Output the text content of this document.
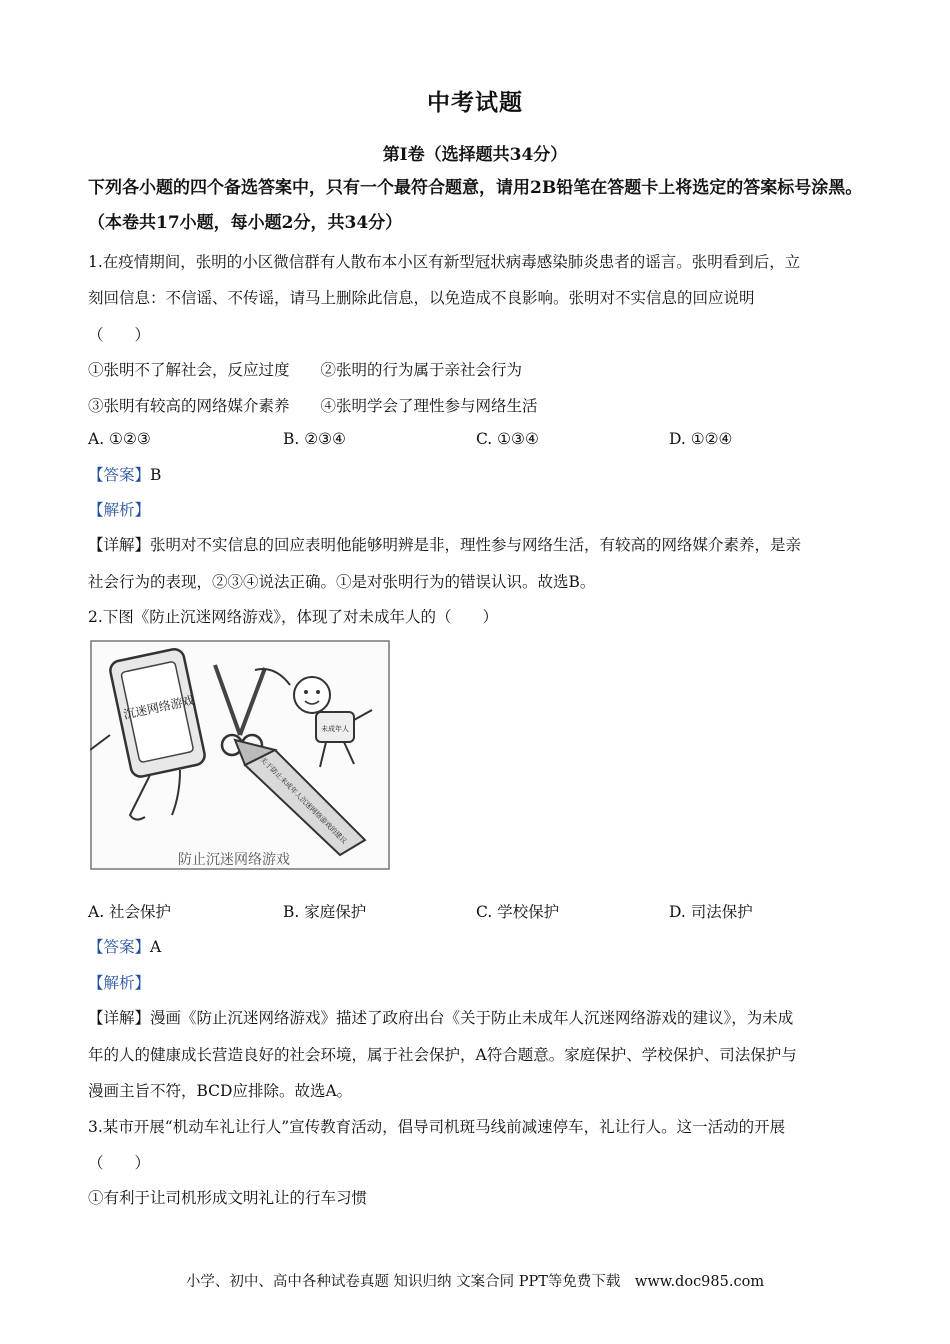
中考试题
第I卷（选择题共34分）
下列各小题的四个备选答案中，只有一个最符合题意，请用2B铅笔在答题卡上将选定的答案标号涂黑。（本卷共17小题，每小题2分，共34分）
1.在疫情期间，张明的小区微信群有人散布本小区有新型冠状病毒感染肺炎患者的谣言。张明看到后，立
刻回信息：不信谣、不传谣，请马上删除此信息，以免造成不良影响。张明对不实信息的回应说明
（　　）
①张明不了解社会，反应过度　　②张明的行为属于亲社会行为
③张明有较高的网络媒介素养　　④张明学会了理性参与网络生活
A. ①②③	B. ②③④	C. ①③④	D. ①②④
【答案】B
【解析】
【详解】张明对不实信息的回应表明他能够明辨是非，理性参与网络生活，有较高的网络媒介素养，是亲
社会行为的表现，②③④说法正确。①是对张明行为的错误认识。故选B。
2.下图《防止沉迷网络游戏》，体现了对未成年人的（　　）
沉迷网络游戏
关于防止未成年人沉迷网络游戏的建议
未成年人
防止沉迷网络游戏
A. 社会保护	B. 家庭保护	C. 学校保护	D. 司法保护
【答案】A
【解析】
【详解】漫画《防止沉迷网络游戏》描述了政府出台《关于防止未成年人沉迷网络游戏的建议》，为未成
年的人的健康成长营造良好的社会环境，属于社会保护，A符合题意。家庭保护、学校保护、司法保护与
漫画主旨不符，BCD应排除。故选A。
3.某市开展“机动车礼让行人”宣传教育活动，倡导司机斑马线前减速停车，礼让行人。这一活动的开展
（　　）
①有利于让司机形成文明礼让的行车习惯
小学、初中、高中各种试卷真题 知识归纳 文案合同 PPT等免费下载　www.doc985.com
